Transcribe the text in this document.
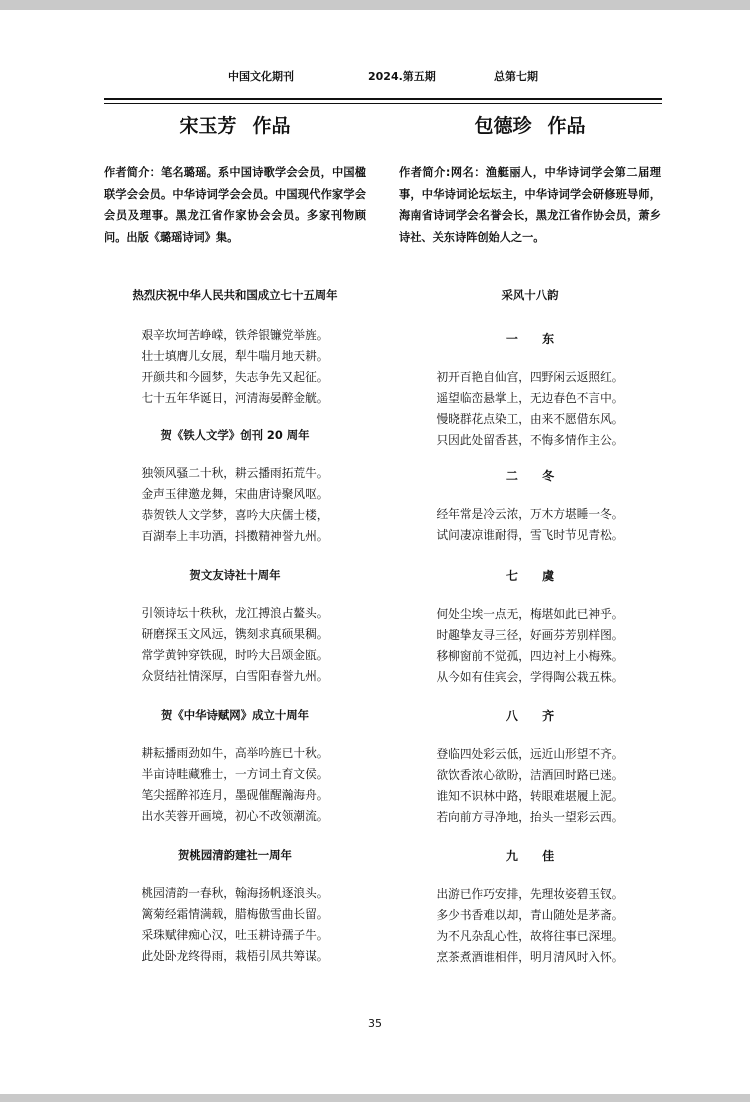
中国文化期刊	2024.第五期	总第七期
宋玉芳 作品
作者简介：笔名璐瑶。系中国诗歌学会会员，中国楹联学会会员。中华诗词学会会员。中国现代作家学会会员及理事。黑龙江省作家协会会员。多家刊物顾问。出版《璐瑶诗词》集。
热烈庆祝中华人民共和国成立七十五周年
艰辛坎坷苦峥嵘，铁斧银镰党举旌。
壮士填膺儿女展，犁牛喘月地天耕。
开颜共和今圆梦，失志争先又起征。
七十五年华诞日，河清海晏醉金觥。
贺《铁人文学》创刊 20 周年
独领风骚二十秋，耕云播雨拓荒牛。
金声玉律邀龙舞，宋曲唐诗聚风呕。
恭贺铁人文学梦，喜吟大庆儒士楼，
百湖奉上丰功酒，抖擞精神誉九州。
贺文友诗社十周年
引领诗坛十秩秋，龙江搏浪占鳌头。
研磨探玉文风远，镌刻求真硕果稠。
常学黄钟穿铁砚，时吟大吕颂金瓯。
众贤结社情深厚，白雪阳春誉九州。
贺《中华诗赋网》成立十周年
耕耘播雨劲如牛，高举吟旌已十秋。
半亩诗畦藏雅士，一方词土育文侯。
笔尖摇醉祁连月，墨砚催醒瀚海舟。
出水芙蓉开画境，初心不改领潮流。
贺桃园清韵建社一周年
桃园清韵一春秋，翰海扬帆逐浪头。
篱菊经霜情满载，腊梅傲雪曲长留。
采珠赋律痴心汉，吐玉耕诗孺子牛。
此处卧龙终得雨，栽梧引凤共筹谋。
包德珍 作品
作者简介:网名：渔艇丽人，中华诗词学会第二届理事，中华诗词论坛坛主，中华诗词学会研修班导师，海南省诗词学会名誉会长，黑龙江省作协会员，萧乡诗社、关东诗阵创始人之一。
采风十八韵
一 东
初开百艳自仙宫，四野闲云返照红。
遥望临峦悬掌上，无边春色不言中。
慢晓群花点染工，由来不愿借东风。
只因此处留香甚，不悔多情作主公。
二 冬
经年常是冷云浓，万木方堪睡一冬。
试问凄凉谁耐得，雪飞时节见青松。
七 虞
何处尘埃一点无，梅堪如此已神乎。
时趣挚友寻三径，好画芬芳别样图。
移柳窗前不觉孤，四边衬上小梅殊。
从今如有佳宾会，学得陶公栽五株。
八 齐
登临四处彩云低，远近山形望不齐。
欲饮香浓心欲盼，洁酒回时路已迷。
谁知不识林中路，转眼难堪履上泥。
若向前方寻净地，抬头一望彩云西。
九 佳
出游已作巧安排，先理妆姿碧玉钗。
多少书香难以却，青山随处是茅斋。
为不凡杂乱心性，故将往事已深埋。
烹茶煮酒谁相伴，明月清风时入怀。
35
